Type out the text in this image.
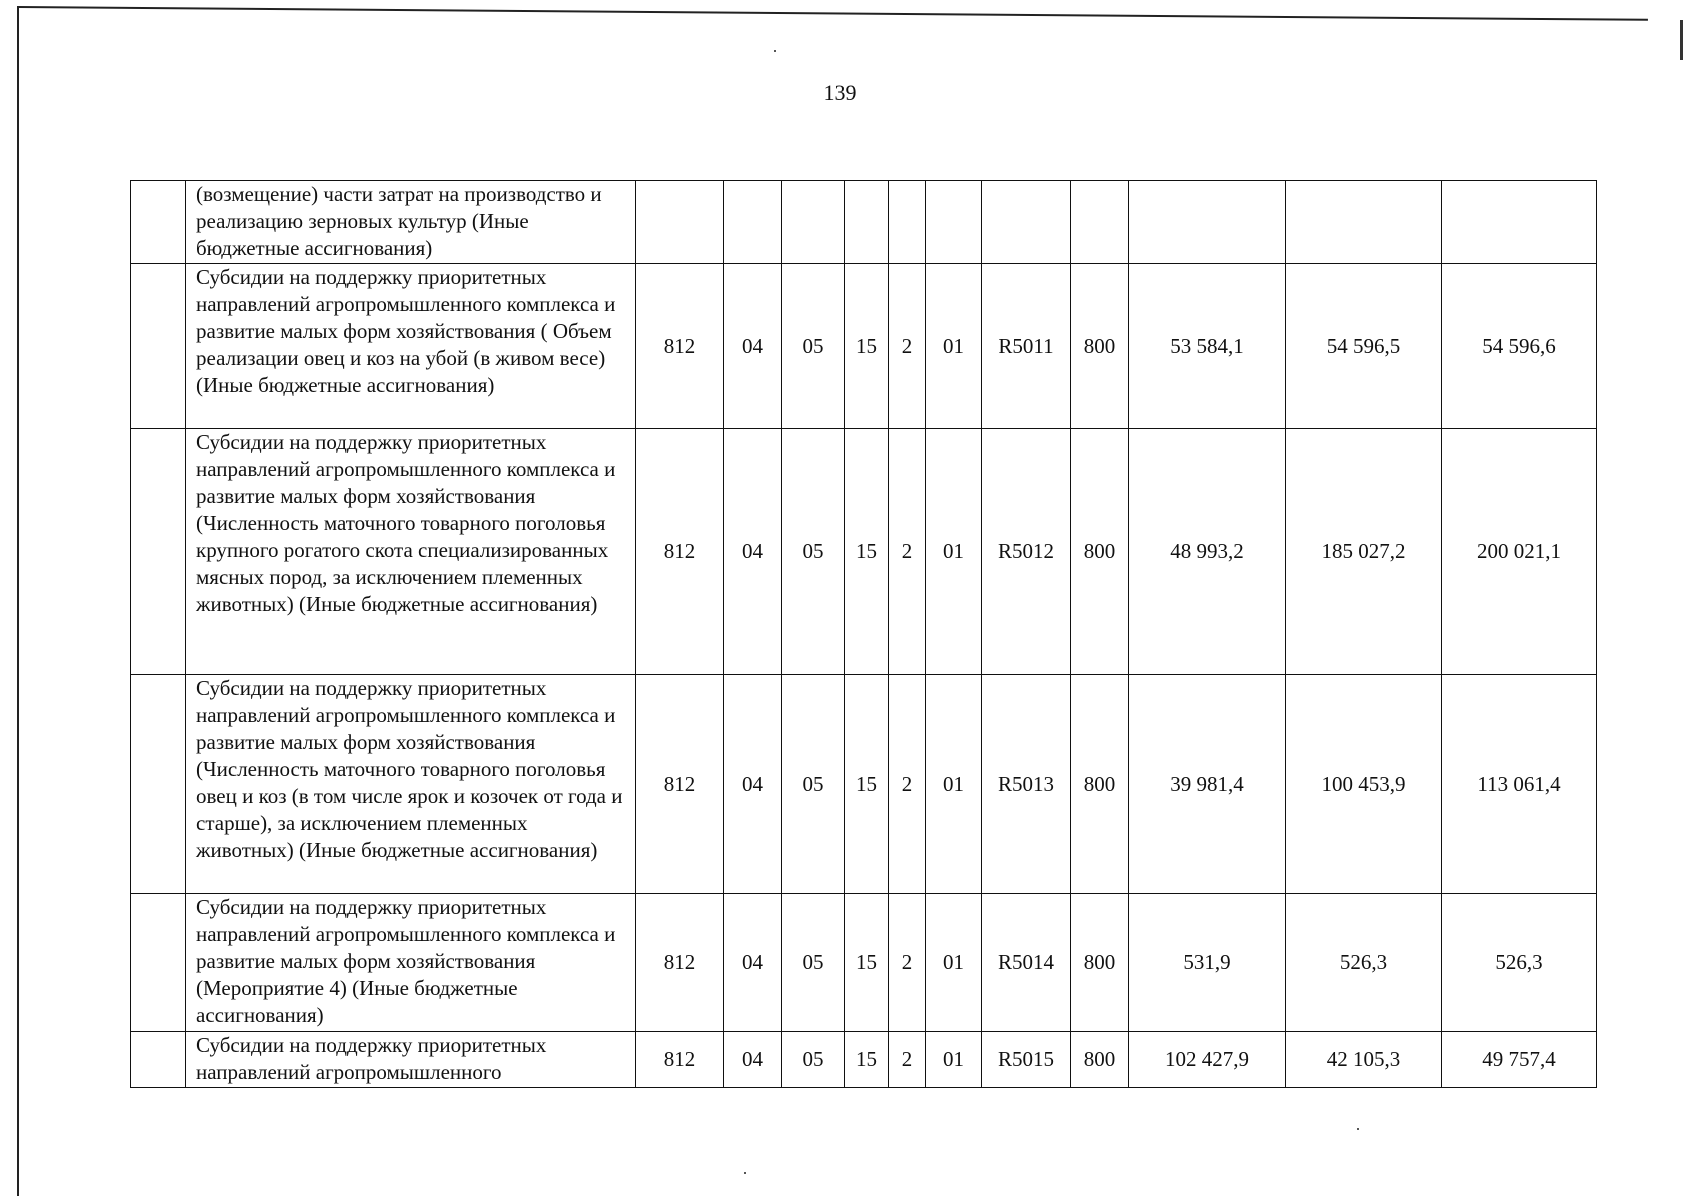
139
	(возмещение) части затрат на производство и реализацию зерновых культур (Иные бюджетные ассигнования)											
	Субсидии на поддержку приоритетных направлений агропромышленного комплекса и развитие малых форм хозяйствования ( Объем реализации овец и коз на убой (в живом весе) (Иные бюджетные ассигнования)	812	04	05	15	2	01	R5011	800	53 584,1	54 596,5	54 596,6
	Субсидии на поддержку приоритетных направлений агропромышленного комплекса и развитие малых форм хозяйствования (Численность маточного товарного поголовья крупного рогатого скота специализированных мясных пород, за исключением племенных животных) (Иные бюджетные ассигнования)	812	04	05	15	2	01	R5012	800	48 993,2	185 027,2	200 021,1
	Субсидии на поддержку приоритетных направлений агропромышленного комплекса и развитие малых форм хозяйствования (Численность маточного товарного поголовья овец и коз (в том числе ярок и козочек от года и старше), за исключением племенных животных) (Иные бюджетные ассигнования)	812	04	05	15	2	01	R5013	800	39 981,4	100 453,9	113 061,4
	Субсидии на поддержку приоритетных направлений агропромышленного комплекса и развитие малых форм хозяйствования (Мероприятие 4) (Иные бюджетные ассигнования)	812	04	05	15	2	01	R5014	800	531,9	526,3	526,3
	Субсидии на поддержку приоритетных направлений агропромышленного	812	04	05	15	2	01	R5015	800	102 427,9	42 105,3	49 757,4
